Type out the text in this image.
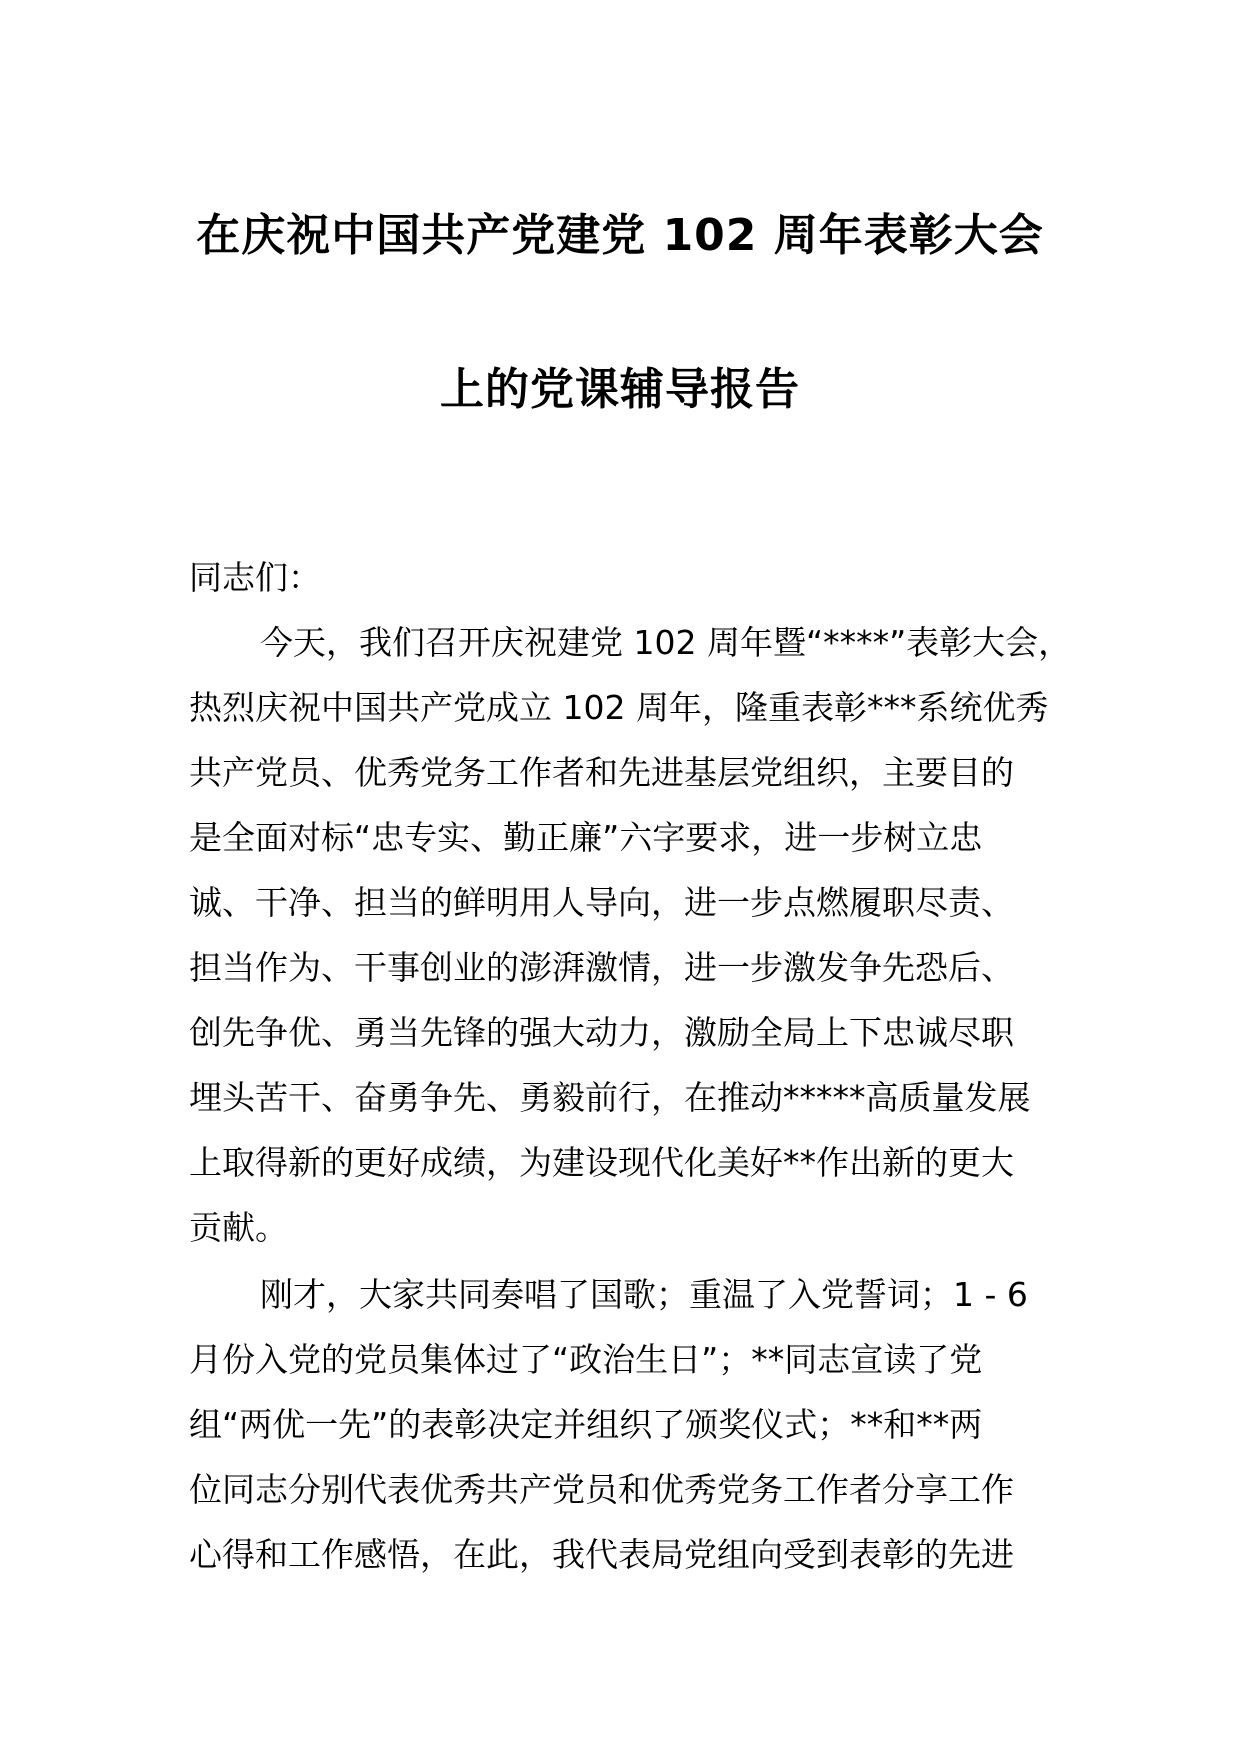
在庆祝中国共产党建党 102 周年表彰大会
上的党课辅导报告
同志们：
今天，我们召开庆祝建党 102 周年暨“****”表彰大会，
热烈庆祝中国共产党成立 102 周年，隆重表彰***系统优秀
共产党员、优秀党务工作者和先进基层党组织，主要目的
是全面对标“忠专实、勤正廉”六字要求，进一步树立忠
诚、干净、担当的鲜明用人导向，进一步点燃履职尽责、
担当作为、干事创业的澎湃激情，进一步激发争先恐后、
创先争优、勇当先锋的强大动力，激励全局上下忠诚尽职
埋头苦干、奋勇争先、勇毅前行，在推动*****高质量发展
上取得新的更好成绩，为建设现代化美好**作出新的更大
贡献。
刚才，大家共同奏唱了国歌；重温了入党誓词；1 - 6
月份入党的党员集体过了“政治生日”；**同志宣读了党
组“两优一先”的表彰决定并组织了颁奖仪式；**和**两
位同志分别代表优秀共产党员和优秀党务工作者分享工作
心得和工作感悟，在此，我代表局党组向受到表彰的先进
